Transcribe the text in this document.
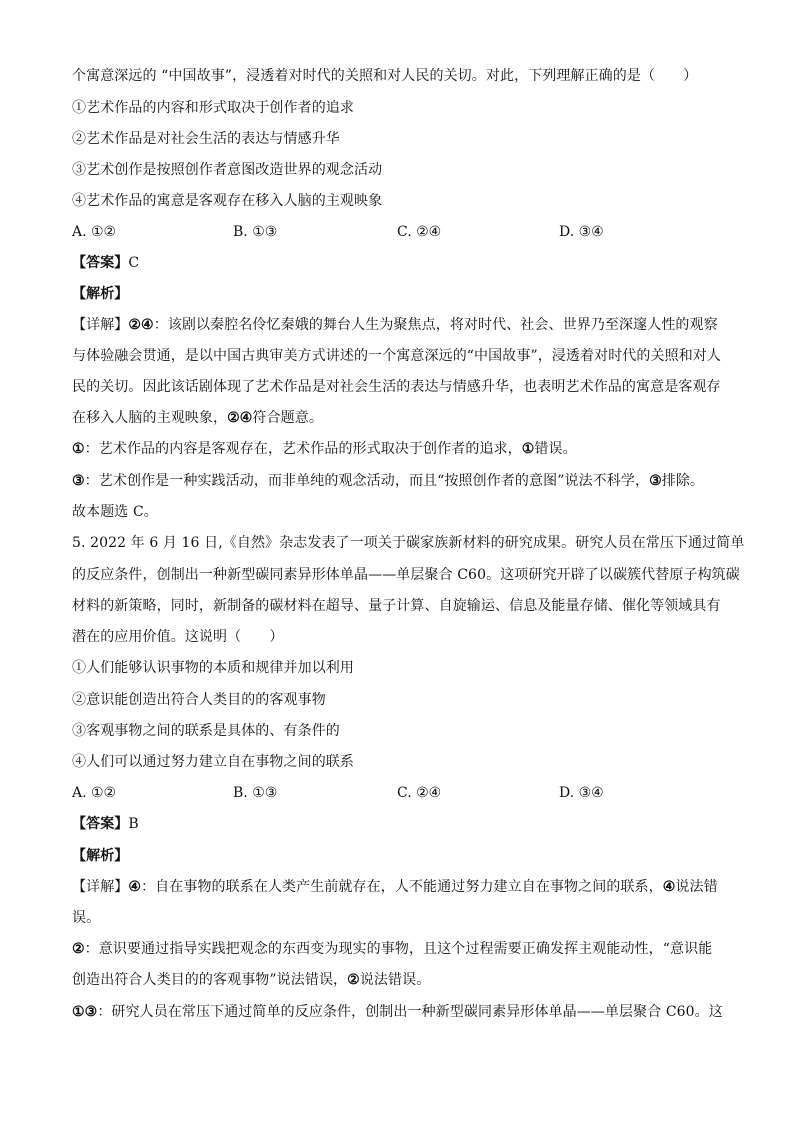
个寓意深远的 “中国故事”，浸透着对时代的关照和对人民的关切。对此，下列理解正确的是（　　）
①艺术作品的内容和形式取决于创作者的追求
②艺术作品是对社会生活的表达与情感升华
③艺术创作是按照创作者意图改造世界的观念活动
④艺术作品的寓意是客观存在移入人脑的主观映象
A. ①②	B. ①③	C. ②④	D. ③④
【答案】C
【解析】
【详解】②④：该剧以秦腔名伶忆秦娥的舞台人生为聚焦点，将对时代、社会、世界乃至深邃人性的观察
与体验融会贯通，是以中国古典审美方式讲述的一个寓意深远的“中国故事”，浸透着对时代的关照和对人
民的关切。因此该话剧体现了艺术作品是对社会生活的表达与情感升华，也表明艺术作品的寓意是客观存
在移入人脑的主观映象，②④符合题意。
①：艺术作品的内容是客观存在，艺术作品的形式取决于创作者的追求，①错误。
③：艺术创作是一种实践活动，而非单纯的观念活动，而且“按照创作者的意图”说法不科学，③排除。
故本题选 C。
5. 2022 年 6 月 16 日,《自然》杂志发表了一项关于碳家族新材料的研究成果。研究人员在常压下通过简单
的反应条件，创制出一种新型碳同素异形体单晶——单层聚合 C60。这项研究开辟了以碳簇代替原子构筑碳
材料的新策略，同时，新制备的碳材料在超导、量子计算、自旋输运、信息及能量存储、催化等领域具有
潜在的应用价值。这说明（　　）
①人们能够认识事物的本质和规律并加以利用
②意识能创造出符合人类目的的客观事物
③客观事物之间的联系是具体的、有条件的
④人们可以通过努力建立自在事物之间的联系
A. ①②	B. ①③	C. ②④	D. ③④
【答案】B
【解析】
【详解】④：自在事物的联系在人类产生前就存在，人不能通过努力建立自在事物之间的联系，④说法错
误。
②：意识要通过指导实践把观念的东西变为现实的事物，且这个过程需要正确发挥主观能动性，“意识能
创造出符合人类目的的客观事物”说法错误，②说法错误。
①③：研究人员在常压下通过简单的反应条件，创制出一种新型碳同素异形体单晶——单层聚合 C60。这
